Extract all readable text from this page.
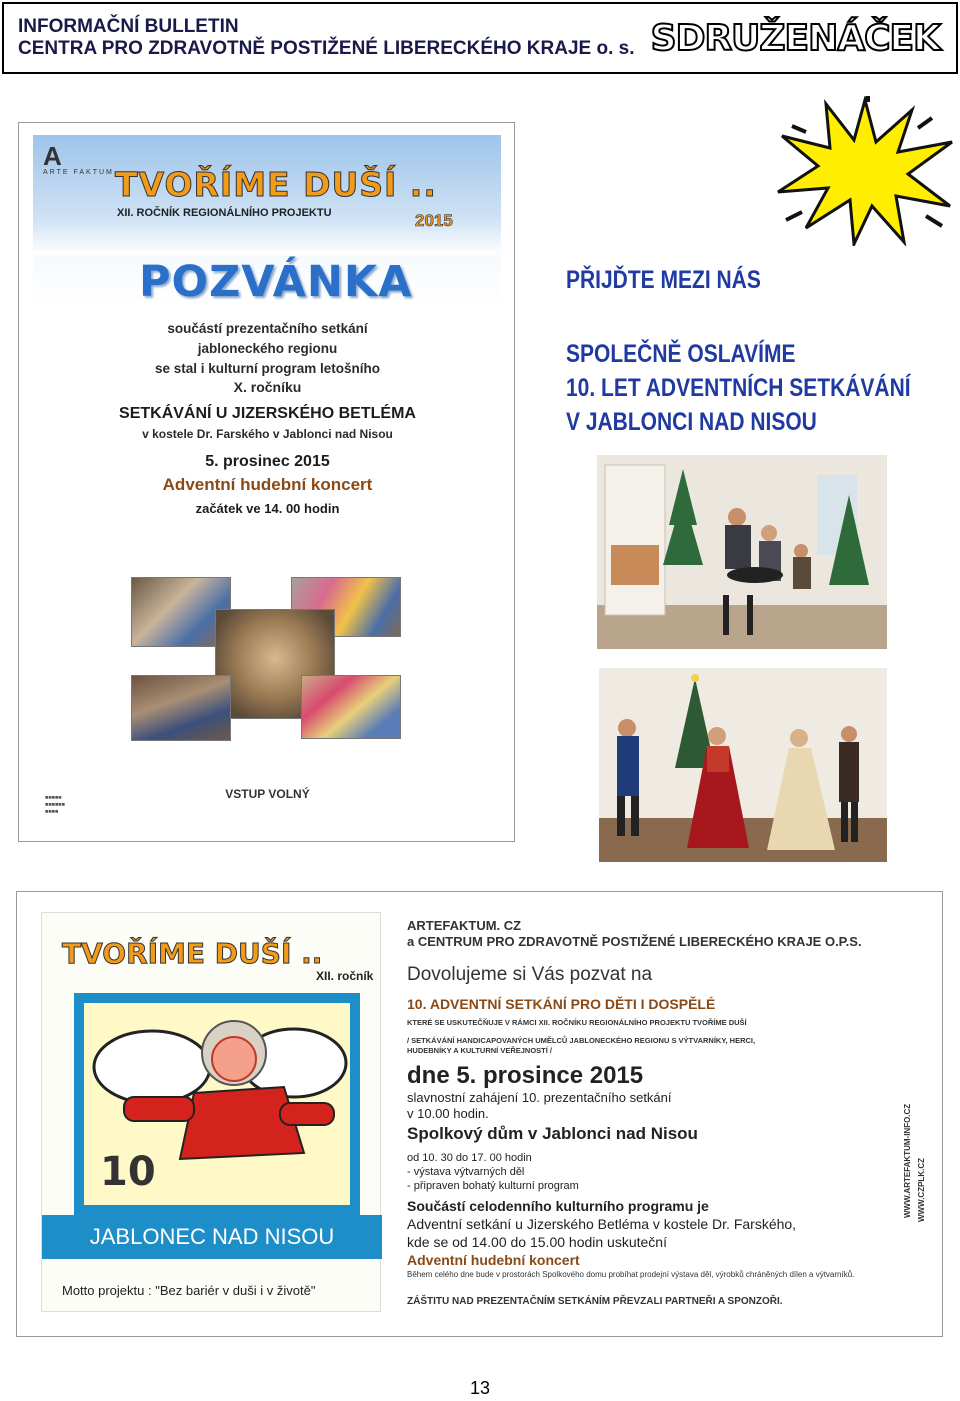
INFORMAČNÍ BULLETIN
CENTRA PRO ZDRAVOTNĚ POSTIŽENÉ LIBERECKÉHO KRAJE o. s. SDRUŽENÁČEK
A
ARTE FAKTUM TVOŘÍME DUŠÍ ..
XII. ROČNÍK REGIONÁLNÍHO PROJEKTU	2015
POZVÁNKA
součástí prezentačního setkání
jabloneckého regionu
se stal i kulturní program letošního
X. ročníku
SETKÁVÁNÍ U JIZERSKÉHO BETLÉMA
v kostele Dr. Farského v Jablonci nad Nisou
5. prosinec 2015
Adventní hudební koncert
začátek ve 14. 00 hodin
■■■■■
■■■■■■
■■■■
VSTUP VOLNÝ
PŘIJĎTE MEZI NÁS
SPOLEČNĚ OSLAVÍME
10. LET ADVENTNÍCH SETKÁVÁNÍ
V JABLONCI NAD NISOU
TVOŘÍME DUŠÍ ..
XII. ročník
10
JABLONEC NAD NISOU
Motto projektu : "Bez bariér v duši i v životě"
ARTEFAKTUM. CZ
a CENTRUM PRO ZDRAVOTNĚ POSTIŽENÉ LIBERECKÉHO KRAJE O.P.S.
Dovolujeme si Vás pozvat na
10. ADVENTNÍ SETKÁNÍ PRO DĚTI I DOSPĚLÉ
KTERÉ SE USKUTEČŇUJE V RÁMCI XII. ROČNÍKU REGIONÁLNÍHO PROJEKTU TVOŘÍME DUŠÍ
/ SETKÁVÁNÍ HANDICAPOVANÝCH UMĚLCŮ JABLONECKÉHO REGIONU S VÝTVARNÍKY, HERCI,
HUDEBNÍKY A KULTURNÍ VEŘEJNOSTÍ /
dne 5. prosince 2015
slavnostní zahájení 10. prezentačního setkání
v 10.00 hodin.
Spolkový dům v Jablonci nad Nisou
od 10. 30 do 17. 00 hodin
- výstava výtvarných děl
- připraven bohatý kulturní program
Součástí celodenního kulturního programu je
Adventní setkání u Jizerského Betléma v kostele Dr. Farského,
kde se od 14.00 do 15.00 hodin uskuteční
Adventní hudební koncert
Během celého dne bude v prostorách Spolkového domu probíhat prodejní výstava děl, výrobků chráněných dílen a výtvarníků.
ZÁŠTITU NAD PREZENTAČNÍM SETKÁNÍM PŘEVZALI PARTNEŘI A SPONZOŘI.
WWW.CZPLK.CZ
WWW.ARTEFAKTUM-INFO.CZ
13
